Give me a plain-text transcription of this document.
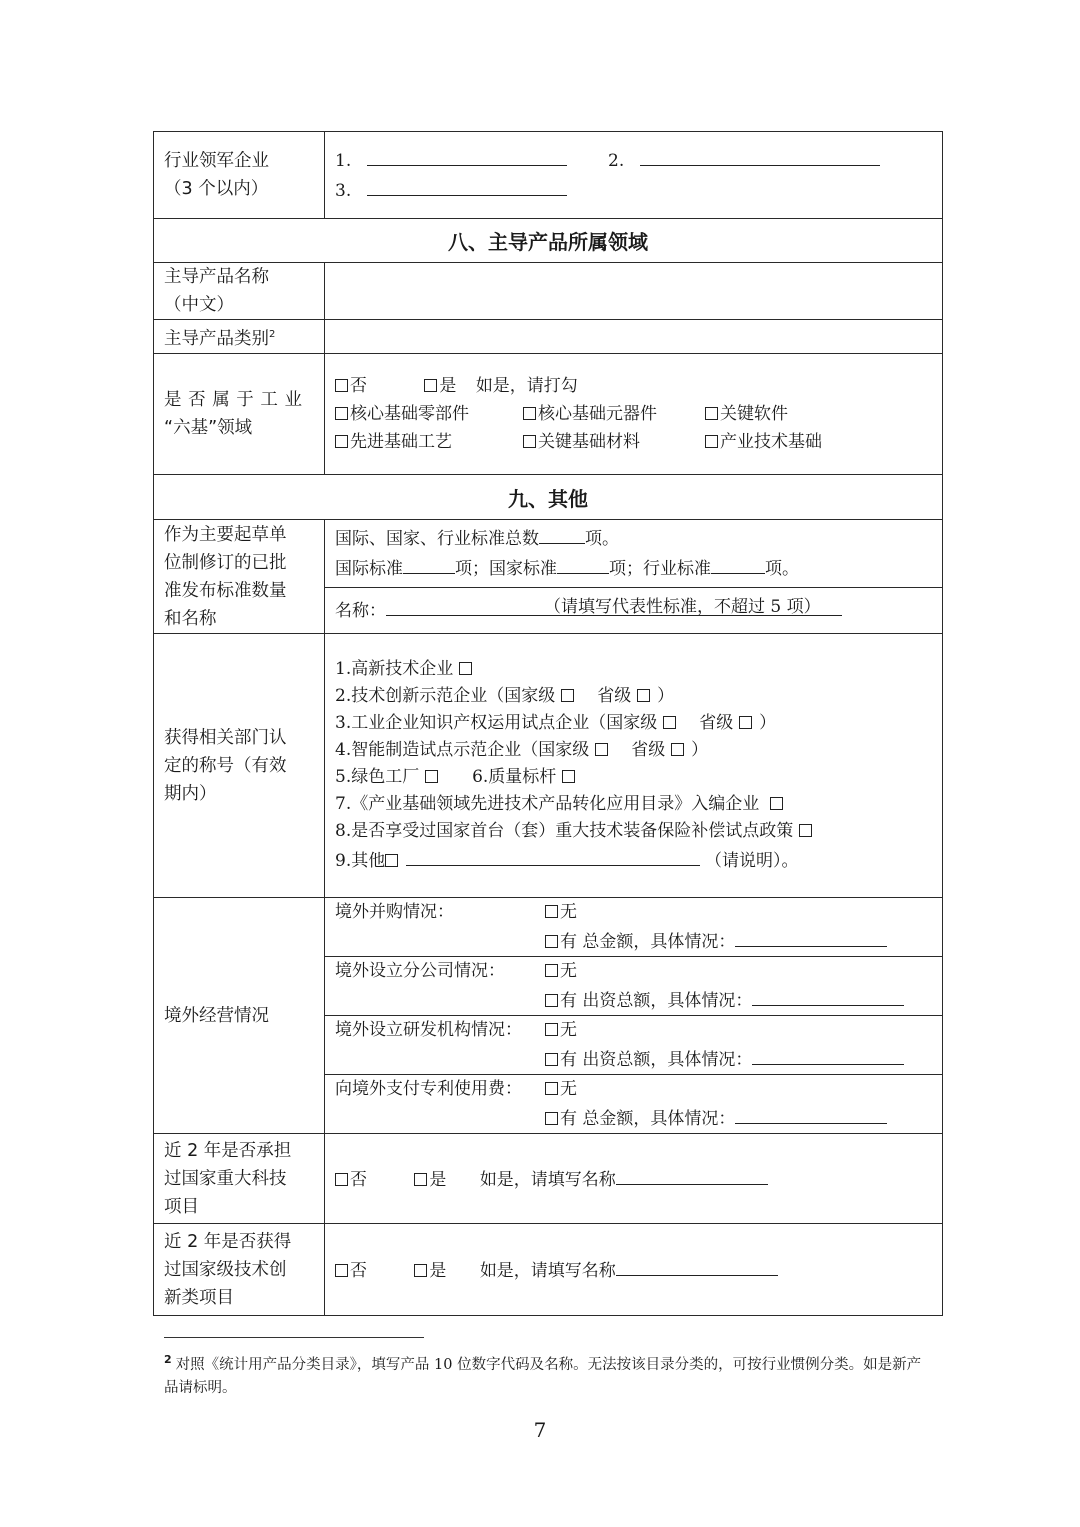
行业领军企业
（3 个以内）

1.	2.
3.

八、主导产品所属领域

主导产品名称
（中文）

主导产品类别$^2$	

是 否 属 于 工 业
“六基”领域

否	是 如是，请打勾
核心基础零部件	核心基础元器件	关键软件
先进基础工艺	关键基础材料	产业技术基础

九、其他

作为主要起草单
位制修订的已批
准发布标准数量
和名称

国际、国家、行业标准总数	项。
国际标准	项；国家标准	项；行业标准	项。

名称：	（请填写代表性标准，不超过 5 项）

获得相关部门认
定的称号（有效
期内）

1.高新技术企业
2.技术创新示范企业（国家级 省级 ）
3.工业企业知识产权运用试点企业（国家级 省级 ）
4.智能制造试点示范企业（国家级 省级 ）
5.绿色工厂	6.质量标杆
7.《产业基础领域先进技术产品转化应用目录》入编企业
8.是否享受过国家首台（套）重大技术装备保险补偿试点政策
9.其他	（请说明）。

境外经营情况	
境外并购情况：	无
有 总金额，具体情况：

境外设立分公司情况：	无
有 出资总额，具体情况：

境外设立研发机构情况： 无
有 出资总额，具体情况：

向境外支付专利使用费： 无
有 总金额，具体情况：

近 2 年是否承担
过国家重大科技
项目
	否	是 如是，请填写名称

近 2 年是否获得
过国家级技术创
新类项目
	否	是 如是，请填写名称
$^2$ 对照《统计用产品分类目录》，填写产品 10 位数字代码及名称。无法按该目录分类的，可按行业惯例分类。如是新产品请标明。
7
